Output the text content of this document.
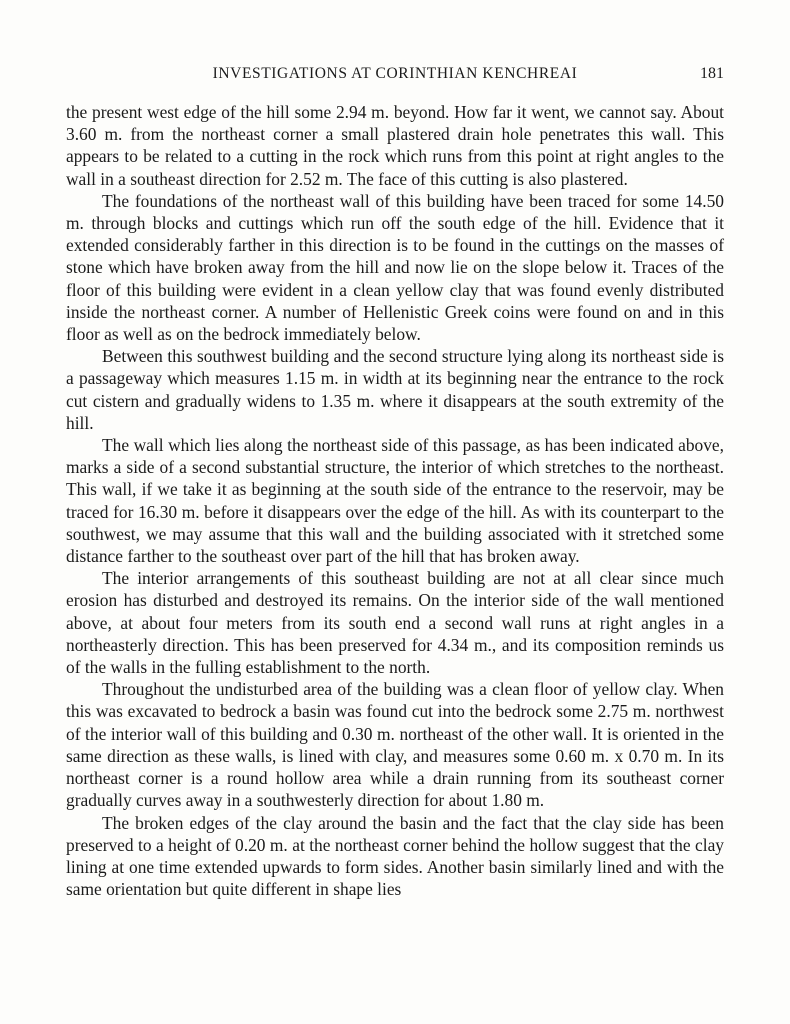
INVESTIGATIONS AT CORINTHIAN KENCHREAI	181

the present west edge of the hill some 2.94 m. beyond. How far it went, we cannot say. About 3.60 m. from the northeast corner a small plastered drain hole penetrates this wall. This appears to be related to a cutting in the rock which runs from this point at right angles to the wall in a southeast direction for 2.52 m. The face of this cutting is also plastered.

The foundations of the northeast wall of this building have been traced for some 14.50 m. through blocks and cuttings which run off the south edge of the hill. Evidence that it extended considerably farther in this direction is to be found in the cuttings on the masses of stone which have broken away from the hill and now lie on the slope below it. Traces of the floor of this building were evident in a clean yellow clay that was found evenly distributed inside the northeast corner. A number of Hellenistic Greek coins were found on and in this floor as well as on the bedrock immediately below.

Between this southwest building and the second structure lying along its northeast side is a passageway which measures 1.15 m. in width at its beginning near the entrance to the rock cut cistern and gradually widens to 1.35 m. where it disappears at the south extremity of the hill.

The wall which lies along the northeast side of this passage, as has been indicated above, marks a side of a second substantial structure, the interior of which stretches to the northeast. This wall, if we take it as beginning at the south side of the entrance to the reservoir, may be traced for 16.30 m. before it disappears over the edge of the hill. As with its counterpart to the southwest, we may assume that this wall and the building associated with it stretched some distance farther to the southeast over part of the hill that has broken away.

The interior arrangements of this southeast building are not at all clear since much erosion has disturbed and destroyed its remains. On the interior side of the wall mentioned above, at about four meters from its south end a second wall runs at right angles in a northeasterly direction. This has been preserved for 4.34 m., and its composition reminds us of the walls in the fulling establishment to the north.

Throughout the undisturbed area of the building was a clean floor of yellow clay. When this was excavated to bedrock a basin was found cut into the bedrock some 2.75 m. northwest of the interior wall of this building and 0.30 m. northeast of the other wall. It is oriented in the same direction as these walls, is lined with clay, and measures some 0.60 m. x 0.70 m. In its northeast corner is a round hollow area while a drain running from its southeast corner gradually curves away in a southwesterly direction for about 1.80 m.

The broken edges of the clay around the basin and the fact that the clay side has been preserved to a height of 0.20 m. at the northeast corner behind the hollow suggest that the clay lining at one time extended upwards to form sides. Another basin similarly lined and with the same orientation but quite different in shape lies
